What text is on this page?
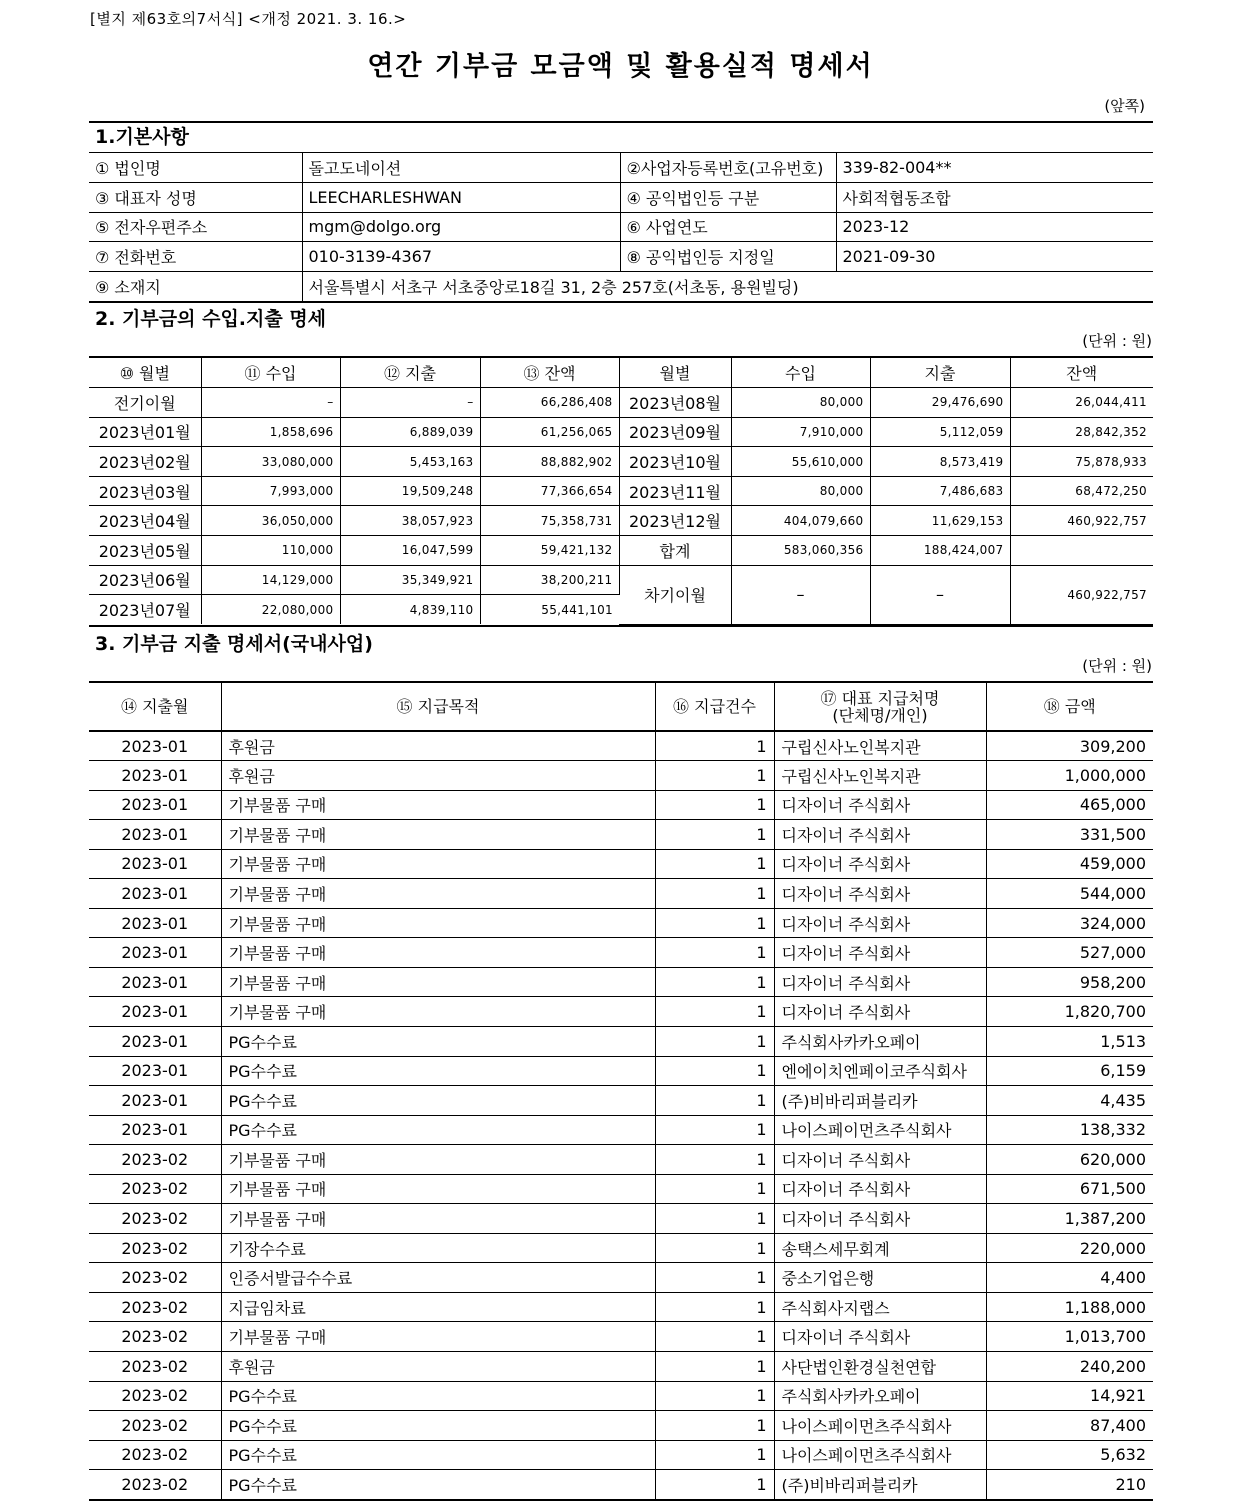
[별지 제63호의7서식] <개정 2021. 3. 16.>
연간 기부금 모금액 및 활용실적 명세서
(앞쪽)
1.기본사항
① 법인명	돌고도네이션	②사업자등록번호(고유번호)	339-82-004**
③ 대표자 성명	LEECHARLESHWAN	④ 공익법인등 구분	사회적협동조합
⑤ 전자우편주소	mgm@dolgo.org	⑥ 사업연도	2023-12
⑦ 전화번호	010-3139-4367	⑧ 공익법인등 지정일	2021-09-30
⑨ 소재지	서울특별시 서초구 서초중앙로18길 31, 2층 257호(서초동, 용원빌딩)		
2. 기부금의 수입.지출 명세
(단위 : 원)
⑩ 월별	⑪ 수입	⑫ 지출	⑬ 잔액	월별	수입	지출	잔액
전기이월	–	–	66,286,408	2023년08월	80,000	29,476,690	26,044,411
2023년01월	1,858,696	6,889,039	61,256,065	2023년09월	7,910,000	5,112,059	28,842,352
2023년02월	33,080,000	5,453,163	88,882,902	2023년10월	55,610,000	8,573,419	75,878,933
2023년03월	7,993,000	19,509,248	77,366,654	2023년11월	80,000	7,486,683	68,472,250
2023년04월	36,050,000	38,057,923	75,358,731	2023년12월	404,079,660	11,629,153	460,922,757
2023년05월	110,000	16,047,599	59,421,132	합계	583,060,356	188,424,007	
2023년06월	14,129,000	35,349,921	38,200,211	차기이월	–	–	460,922,757
2023년07월	22,080,000	4,839,110	55,441,101				
3. 기부금 지출 명세서(국내사업)
(단위 : 원)
⑭ 지출월	⑮ 지급목적	⑯ 지급건수	⑰ 대표 지급처명
(단체명/개인)	⑱ 금액
2023-01	후원금	1	구립신사노인복지관	309,200
2023-01	후원금	1	구립신사노인복지관	1,000,000
2023-01	기부물품 구매	1	디자이너 주식회사	465,000
2023-01	기부물품 구매	1	디자이너 주식회사	331,500
2023-01	기부물품 구매	1	디자이너 주식회사	459,000
2023-01	기부물품 구매	1	디자이너 주식회사	544,000
2023-01	기부물품 구매	1	디자이너 주식회사	324,000
2023-01	기부물품 구매	1	디자이너 주식회사	527,000
2023-01	기부물품 구매	1	디자이너 주식회사	958,200
2023-01	기부물품 구매	1	디자이너 주식회사	1,820,700
2023-01	PG수수료	1	주식회사카카오페이	1,513
2023-01	PG수수료	1	엔에이치엔페이코주식회사	6,159
2023-01	PG수수료	1	(주)비바리퍼블리카	4,435
2023-01	PG수수료	1	나이스페이먼츠주식회사	138,332
2023-02	기부물품 구매	1	디자이너 주식회사	620,000
2023-02	기부물품 구매	1	디자이너 주식회사	671,500
2023-02	기부물품 구매	1	디자이너 주식회사	1,387,200
2023-02	기장수수료	1	송택스세무회계	220,000
2023-02	인증서발급수수료	1	중소기업은행	4,400
2023-02	지급임차료	1	주식회사지랩스	1,188,000
2023-02	기부물품 구매	1	디자이너 주식회사	1,013,700
2023-02	후원금	1	사단법인환경실천연합	240,200
2023-02	PG수수료	1	주식회사카카오페이	14,921
2023-02	PG수수료	1	나이스페이먼츠주식회사	87,400
2023-02	PG수수료	1	나이스페이먼츠주식회사	5,632
2023-02	PG수수료	1	(주)비바리퍼블리카	210
